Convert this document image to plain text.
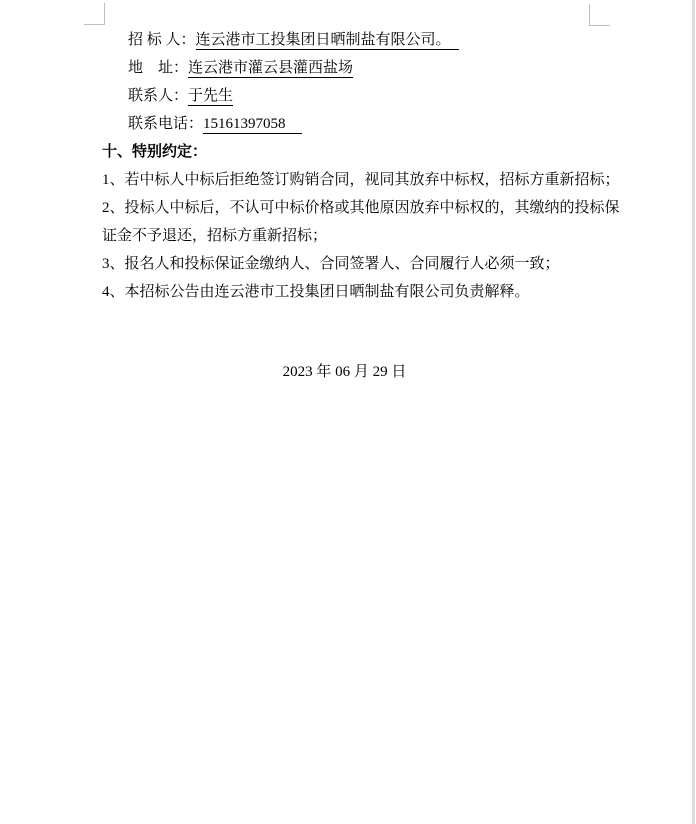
招 标 人：连云港市工投集团日晒制盐有限公司。
地    址：连云港市灌云县灌西盐场
联系人：于先生
联系电话：15161397058
十、特别约定：
1、若中标人中标后拒绝签订购销合同，视同其放弃中标权，招标方重新招标；
2、投标人中标后，不认可中标价格或其他原因放弃中标权的，其缴纳的投标保
证金不予退还，招标方重新招标；
3、报名人和投标保证金缴纳人、合同签署人、合同履行人必须一致；
4、本招标公告由连云港市工投集团日晒制盐有限公司负责解释。
2023 年 06 月 29 日
